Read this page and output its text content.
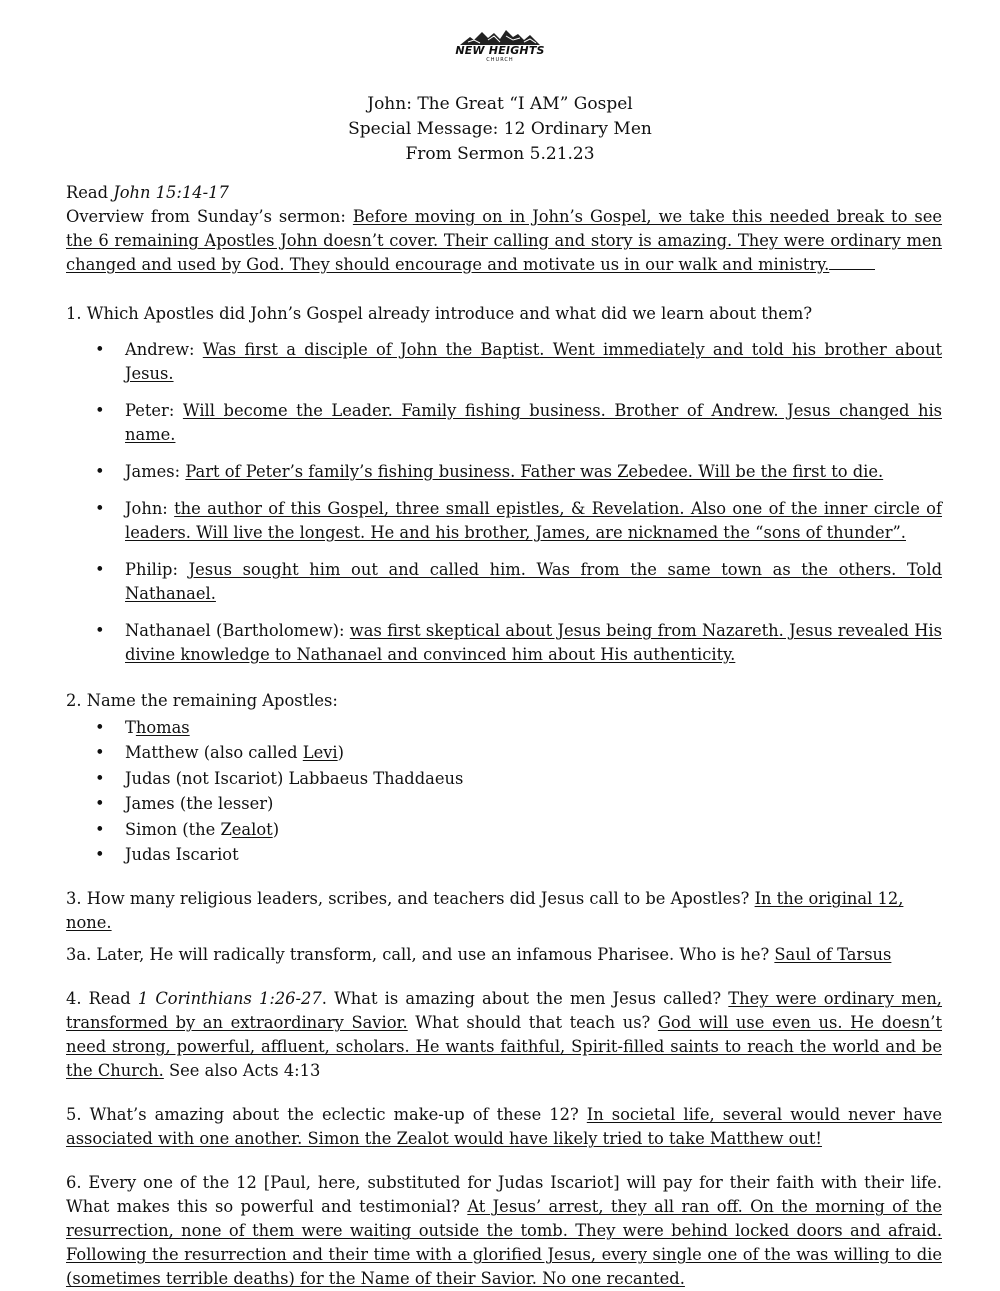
NEW HEIGHTS
CHURCH
John: The Great “I AM” Gospel
Special Message: 12 Ordinary Men
From Sermon 5.21.23

Read John 15:14-17

Overview from Sunday’s sermon: Before moving on in John’s Gospel, we take this needed break to see the 6 remaining Apostles John doesn’t cover. Their calling and story is amazing. They were ordinary men changed and used by God. They should encourage and motivate us in our walk and ministry.

1. Which Apostles did John’s Gospel already introduce and what did we learn about them?

• Andrew: Was first a disciple of John the Baptist. Went immediately and told his brother about Jesus.
• Peter: Will become the Leader. Family fishing business. Brother of Andrew. Jesus changed his name.
• James: Part of Peter’s family’s fishing business. Father was Zebedee. Will be the first to die.
• John: the author of this Gospel, three small epistles, & Revelation. Also one of the inner circle of leaders. Will live the longest. He and his brother, James, are nicknamed the “sons of thunder”.
• Philip: Jesus sought him out and called him. Was from the same town as the others. Told Nathanael.
• Nathanael (Bartholomew): was first skeptical about Jesus being from Nazareth. Jesus revealed His divine knowledge to Nathanael and convinced him about His authenticity.

2. Name the remaining Apostles:

• Thomas
• Matthew (also called Levi)
• Judas (not Iscariot) Labbaeus Thaddaeus
• James (the lesser)
• Simon (the Zealot)
• Judas Iscariot

3. How many religious leaders, scribes, and teachers did Jesus call to be Apostles? In the original 12, none.

3a. Later, He will radically transform, call, and use an infamous Pharisee. Who is he? Saul of Tarsus

4. Read 1 Corinthians 1:26-27. What is amazing about the men Jesus called? They were ordinary men, transformed by an extraordinary Savior. What should that teach us? God will use even us. He doesn’t need strong, powerful, affluent, scholars. He wants faithful, Spirit-filled saints to reach the world and be the Church. See also Acts 4:13

5. What’s amazing about the eclectic make-up of these 12? In societal life, several would never have associated with one another. Simon the Zealot would have likely tried to take Matthew out!

6. Every one of the 12 [Paul, here, substituted for Judas Iscariot] will pay for their faith with their life. What makes this so powerful and testimonial? At Jesus’ arrest, they all ran off. On the morning of the resurrection, none of them were waiting outside the tomb. They were behind locked doors and afraid. Following the resurrection and their time with a glorified Jesus, every single one of the was willing to die (sometimes terrible deaths) for the Name of their Savior. No one recanted.
